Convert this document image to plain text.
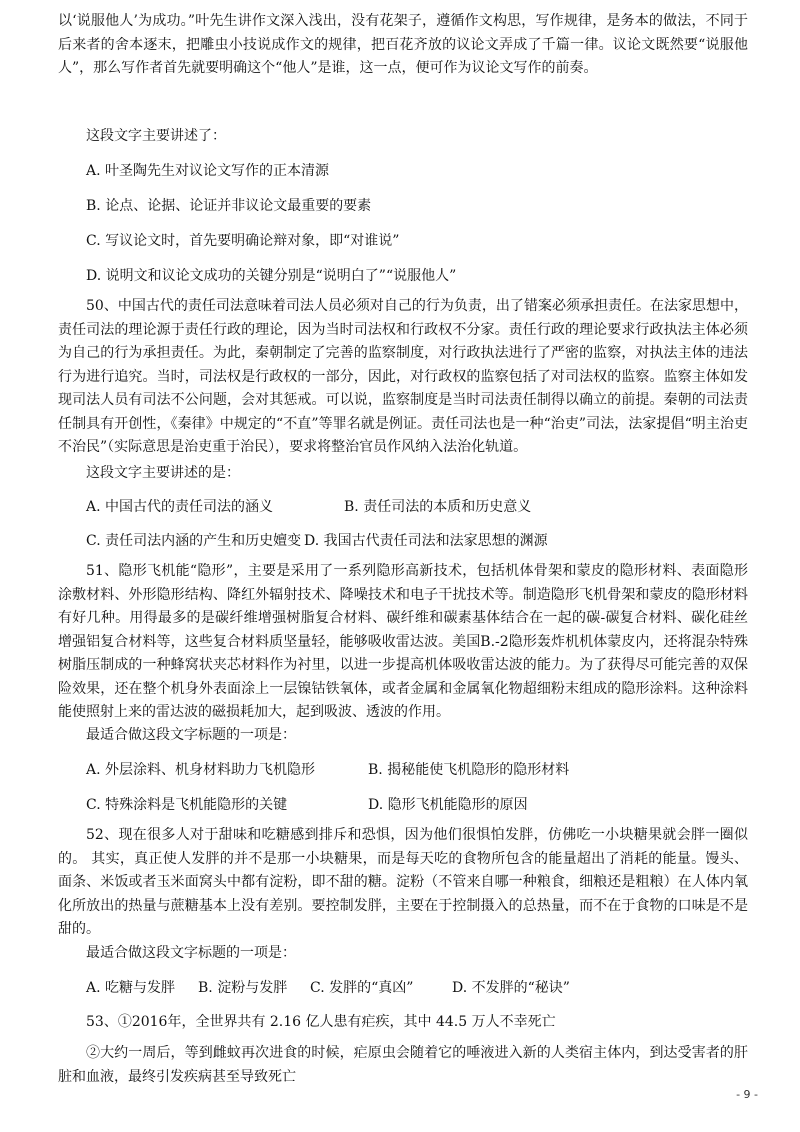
以‘说服他人’为成功。”叶先生讲作文深入浅出，没有花架子，遵循作文构思，写作规律，是务本的做法，不同于后来者的舍本逐末，把雕虫小技说成作文的规律，把百花齐放的议论文弄成了千篇一律。议论文既然要“说服他人”，那么写作者首先就要明确这个“他人”是谁，这一点，便可作为议论文写作的前奏。

这段文字主要讲述了：

A. 叶圣陶先生对议论文写作的正本清源

B. 论点、论据、论证并非议论文最重要的要素

C. 写议论文时，首先要明确论辩对象，即“对谁说”

D. 说明文和议论文成功的关键分别是“说明白了”“说服他人”

50、中国古代的责任司法意味着司法人员必须对自己的行为负责，出了错案必须承担责任。在法家思想中，责任司法的理论源于责任行政的理论，因为当时司法权和行政权不分家。责任行政的理论要求行政执法主体必须为自己的行为承担责任。为此，秦朝制定了完善的监察制度，对行政执法进行了严密的监察，对执法主体的违法行为进行追究。当时，司法权是行政权的一部分，因此，对行政权的监察包括了对司法权的监察。监察主体如发现司法人员有司法不公问题，会对其惩戒。可以说，监察制度是当时司法责任制得以确立的前提。秦朝的司法责任制具有开创性，《秦律》中规定的“不直”等罪名就是例证。责任司法也是一种“治吏”司法，法家提倡“明主治吏不治民”（实际意思是治吏重于治民），要求将整治官员作风纳入法治化轨道。

这段文字主要讲述的是：

A. 中国古代的责任司法的涵义	B. 责任司法的本质和历史意义
C. 责任司法内涵的产生和历史嬗变 D. 我国古代责任司法和法家思想的渊源

51、隐形飞机能“隐形”，主要是采用了一系列隐形高新技术，包括机体骨架和蒙皮的隐形材料、表面隐形涂敷材料、外形隐形结构、降红外辐射技术、降噪技术和电子干扰技术等。制造隐形飞机骨架和蒙皮的隐形材料有好几种。用得最多的是碳纤维增强树脂复合材料、碳纤维和碳素基体结合在一起的碳-碳复合材料、碳化硅丝增强铝复合材料等，这些复合材料质坚量轻，能够吸收雷达波。美国B.-2隐形轰炸机机体蒙皮内，还将混杂特殊树脂压制成的一种蜂窝状夹芯材料作为衬里，以进一步提高机体吸收雷达波的能力。为了获得尽可能完善的双保险效果，还在整个机身外表面涂上一层镍钴铁氧体，或者金属和金属氧化物超细粉末组成的隐形涂料。这种涂料能使照射上来的雷达波的磁损耗加大，起到吸波、透波的作用。

最适合做这段文字标题的一项是：

A. 外层涂料、机身材料助力飞机隐形	B. 揭秘能使飞机隐形的隐形材料
C. 特殊涂料是飞机能隐形的关键	D. 隐形飞机能隐形的原因

52、现在很多人对于甜味和吃糖感到排斥和恐惧，因为他们很惧怕发胖，仿佛吃一小块糖果就会胖一圈似的。 其实，真正使人发胖的并不是那一小块糖果，而是每天吃的食物所包含的能量超出了消耗的能量。馒头、面条、米饭或者玉米面窝头中都有淀粉，即不甜的糖。淀粉（不管来自哪一种粮食，细粮还是粗粮）在人体内氧化所放出的热量与蔗糖基本上没有差别。要控制发胖，主要在于控制摄入的总热量，而不在于食物的口味是不是甜的。

最适合做这段文字标题的一项是：

A. 吃糖与发胖	B. 淀粉与发胖	C. 发胖的“真凶”	D. 不发胖的“秘诀”

53、①2016年，全世界共有 2.16 亿人患有疟疾，其中 44.5 万人不幸死亡

②大约一周后，等到雌蚊再次进食的时候，疟原虫会随着它的唾液进入新的人类宿主体内，到达受害者的肝脏和血液，最终引发疾病甚至导致死亡

- 9 -
